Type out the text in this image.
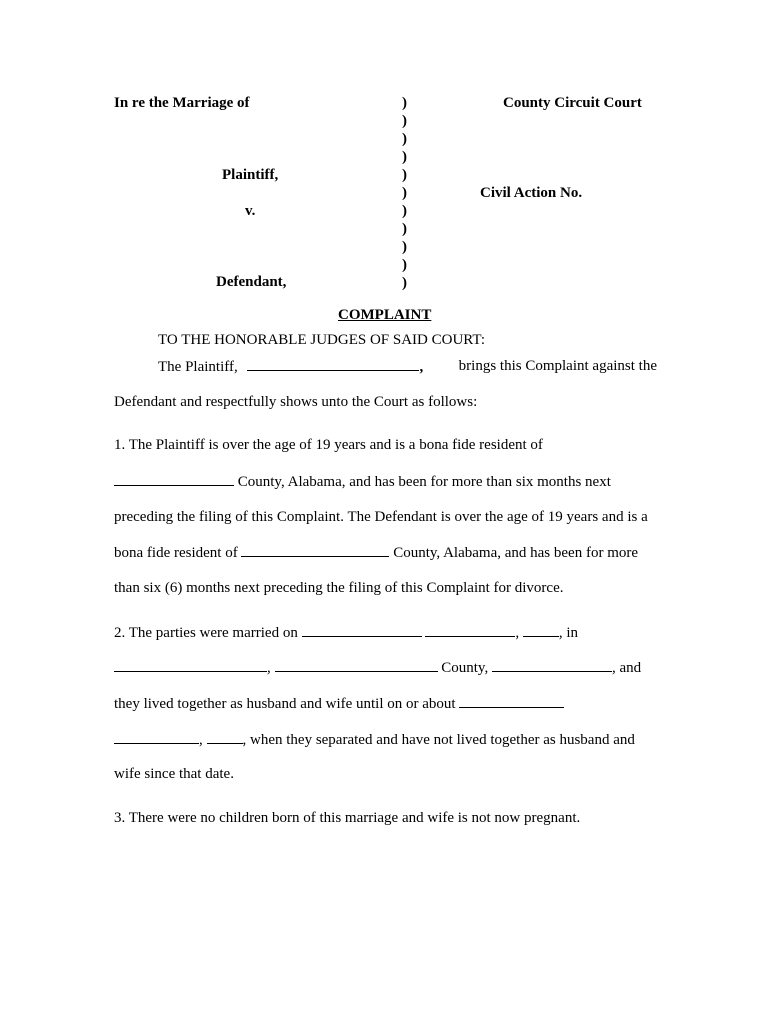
In re the Marriage of
Plaintiff,
v.
Defendant,
)
)
)
)
)
)
)
)
)
)
)
County Circuit Court
Civil Action No.
COMPLAINT
TO THE HONORABLE JUDGES OF SAID COURT:
The Plaintiff,	,	brings this Complaint against the
Defendant and respectfully shows unto the Court as follows:
1. The Plaintiff is over the age of 19 years and is a bona fide resident of
County, Alabama, and has been for more than six months next
preceding the filing of this Complaint. The Defendant is over the age of 19 years and is a
bona fide resident of	County, Alabama, and has been for more
than six (6) months next preceding the filing of this Complaint for divorce.
2. The parties were married on	,	, in
,	County,	, and
they lived together as husband and wife until on or about
,	, when they separated and have not lived together as husband and
wife since that date.
3. There were no children born of this marriage and wife is not now pregnant.
